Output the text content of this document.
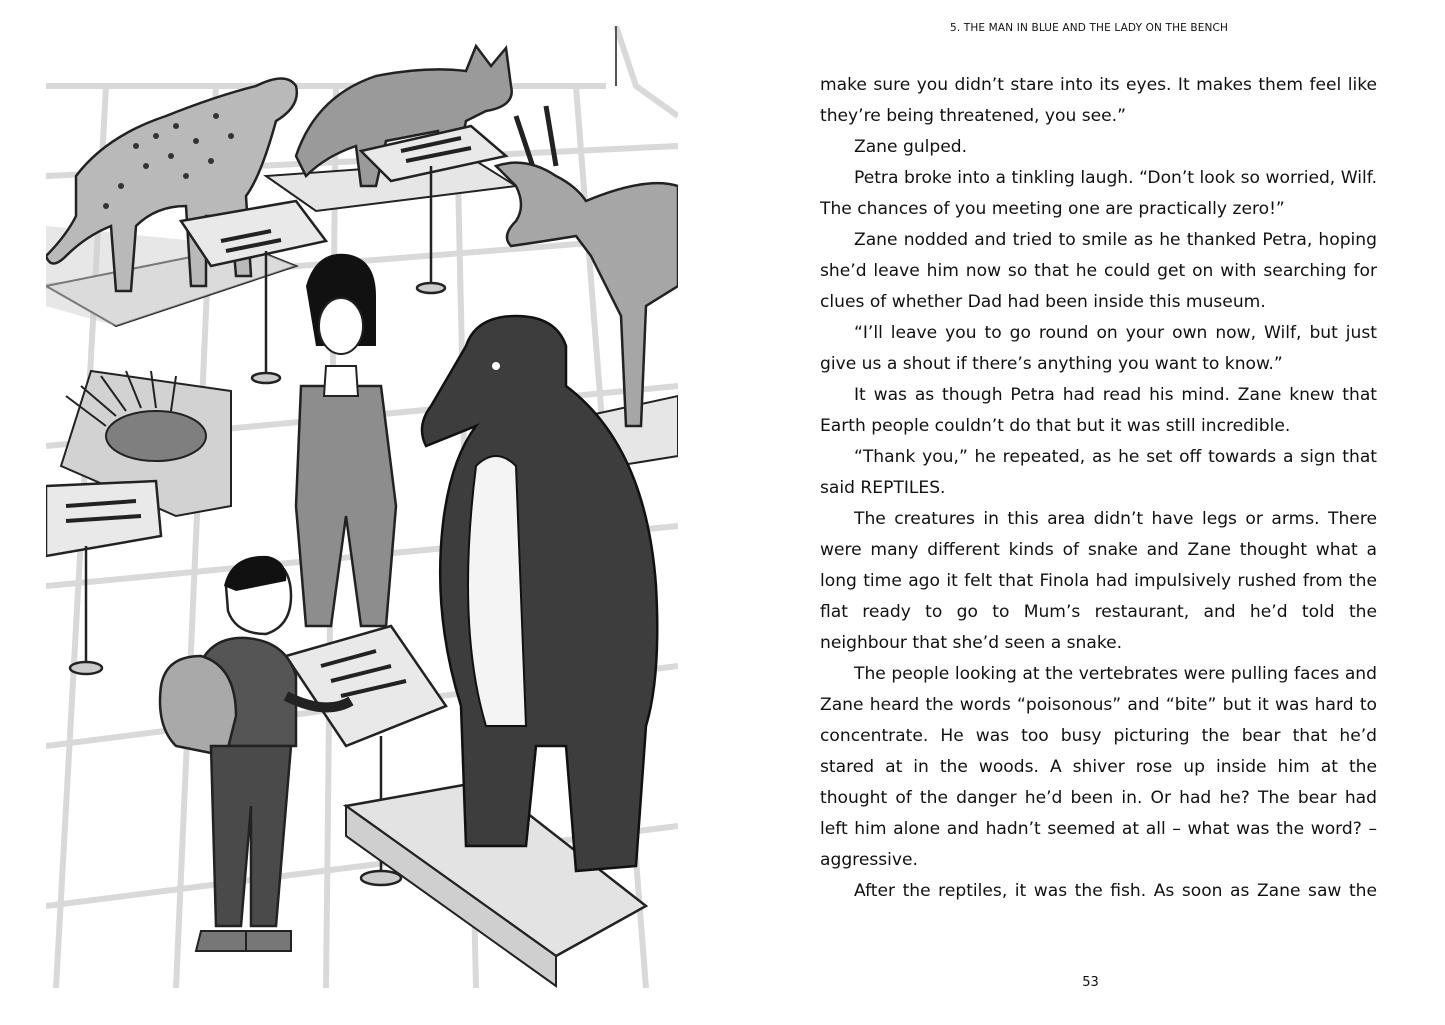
5. THE MAN IN BLUE AND THE LADY ON THE BENCH

make sure you didn’t stare into its eyes. It makes them feel like they’re being threatened, you see.”

Zane gulped.

Petra broke into a tinkling laugh. “Don’t look so worried, Wilf. The chances of you meeting one are practically zero!”

Zane nodded and tried to smile as he thanked Petra, hoping she’d leave him now so that he could get on with searching for clues of whether Dad had been inside this museum.

“I’ll leave you to go round on your own now, Wilf, but just give us a shout if there’s anything you want to know.”

It was as though Petra had read his mind. Zane knew that Earth people couldn’t do that but it was still incredible.

“Thank you,” he repeated, as he set off towards a sign that said REPTILES.

The creatures in this area didn’t have legs or arms. There were many different kinds of snake and Zane thought what a long time ago it felt that Finola had impulsively rushed from the flat ready to go to Mum’s restaurant, and he’d told the neighbour that she’d seen a snake.

The people looking at the vertebrates were pulling faces and Zane heard the words “poisonous” and “bite” but it was hard to concentrate. He was too busy picturing the bear that he’d stared at in the woods. A shiver rose up inside him at the thought of the danger he’d been in. Or had he? The bear had left him alone and hadn’t seemed at all – what was the word? – aggressive.

After the reptiles, it was the fish. As soon as Zane saw the

53
